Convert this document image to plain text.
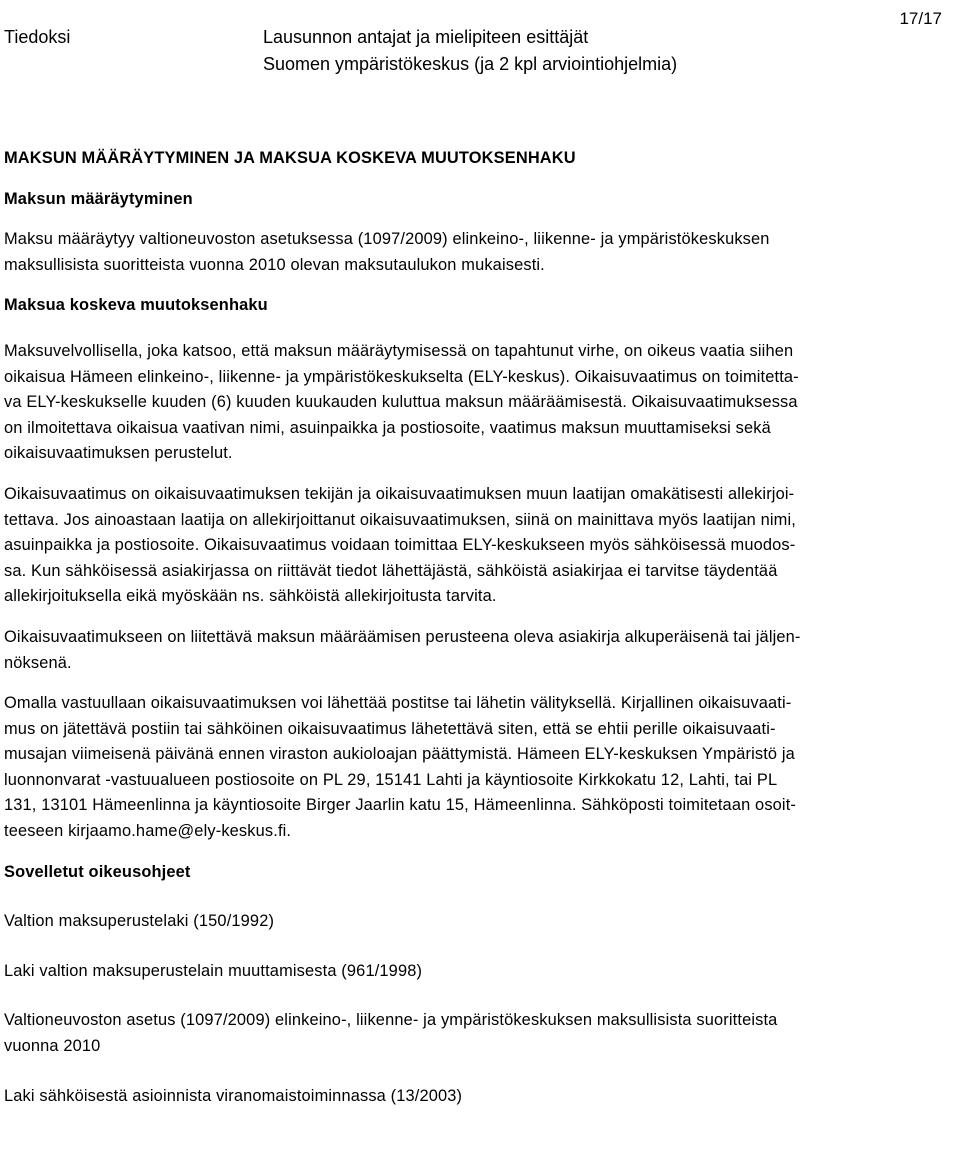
Tiedoksi	Lausunnon antajat ja mielipiteen esittäjät
Suomen ympäristökeskus (ja 2 kpl arviointiohjelmia)
17/17

MAKSUN MÄÄRÄYTYMINEN JA MAKSUA KOSKEVA MUUTOKSENHAKU

Maksun määräytyminen

Maksu määräytyy valtioneuvoston asetuksessa (1097/2009) elinkeino-, liikenne- ja ympäristökeskuksen

maksullisista suoritteista vuonna 2010 olevan maksutaulukon mukaisesti.

Maksua koskeva muutoksenhaku

Maksuvelvollisella, joka katsoo, että maksun määräytymisessä on tapahtunut virhe, on oikeus vaatia siihen

oikaisua Hämeen elinkeino-, liikenne- ja ympäristökeskukselta (ELY-keskus). Oikaisuvaatimus on toimitetta-

va ELY-keskukselle kuuden (6) kuuden kuukauden kuluttua maksun määräämisestä. Oikaisuvaatimuksessa

on ilmoitettava oikaisua vaativan nimi, asuinpaikka ja postiosoite, vaatimus maksun muuttamiseksi sekä

oikaisuvaatimuksen perustelut.

Oikaisuvaatimus on oikaisuvaatimuksen tekijän ja oikaisuvaatimuksen muun laatijan omakätisesti allekirjoi-

tettava. Jos ainoastaan laatija on allekirjoittanut oikaisuvaatimuksen, siinä on mainittava myös laatijan nimi,

asuinpaikka ja postiosoite. Oikaisuvaatimus voidaan toimittaa ELY-keskukseen myös sähköisessä muodos-

sa. Kun sähköisessä asiakirjassa on riittävät tiedot lähettäjästä, sähköistä asiakirjaa ei tarvitse täydentää

allekirjoituksella eikä myöskään ns. sähköistä allekirjoitusta tarvita.

Oikaisuvaatimukseen on liitettävä maksun määräämisen perusteena oleva asiakirja alkuperäisenä tai jäljen-

nöksenä.

Omalla vastuullaan oikaisuvaatimuksen voi lähettää postitse tai lähetin välityksellä. Kirjallinen oikaisuvaati-

mus on jätettävä postiin tai sähköinen oikaisuvaatimus lähetettävä siten, että se ehtii perille oikaisuvaati-

musajan viimeisenä päivänä ennen viraston aukioloajan päättymistä. Hämeen ELY-keskuksen Ympäristö ja

luonnonvarat -vastuualueen postiosoite on PL 29, 15141 Lahti ja käyntiosoite Kirkkokatu 12, Lahti, tai PL

131, 13101 Hämeenlinna ja käyntiosoite Birger Jaarlin katu 15, Hämeenlinna. Sähköposti toimitetaan osoit-

teeseen kirjaamo.hame@ely-keskus.fi.

Sovelletut oikeusohjeet

Valtion maksuperustelaki (150/1992)

Laki valtion maksuperustelain muuttamisesta (961/1998)

Valtioneuvoston asetus (1097/2009) elinkeino-, liikenne- ja ympäristökeskuksen maksullisista suoritteista

vuonna 2010

Laki sähköisestä asioinnista viranomaistoiminnassa (13/2003)
